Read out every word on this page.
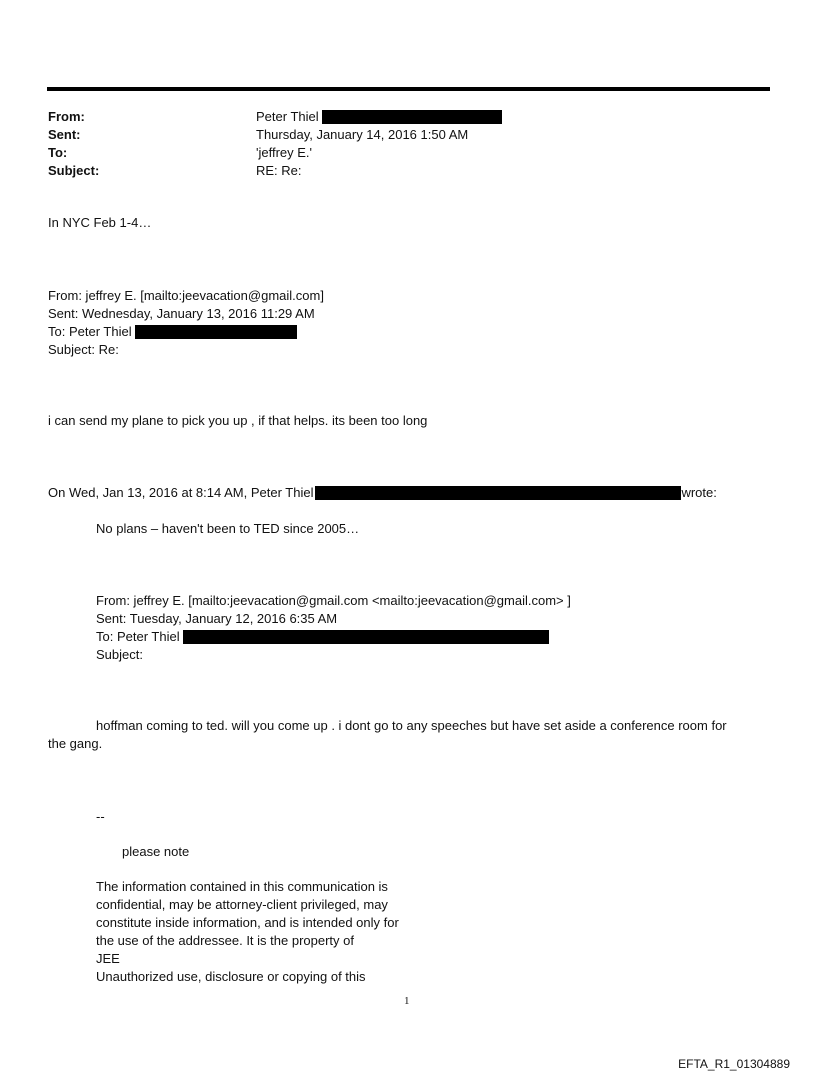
From:	Peter Thiel
Sent:	Thursday, January 14, 2016 1:50 AM
To:	'jeffrey E.'
Subject:	RE: Re:
In NYC Feb 1-4…
From: jeffrey E. [mailto:jeevacation@gmail.com]
Sent: Wednesday, January 13, 2016 11:29 AM
To: Peter Thiel
Subject: Re:
i can send my plane to pick you up , if that helps. its been too long
On Wed, Jan 13, 2016 at 8:14 AM, Peter Thiel	wrote:
No plans – haven't been to TED since 2005…
From: jeffrey E. [mailto:jeevacation@gmail.com <mailto:jeevacation@gmail.com> ]
Sent: Tuesday, January 12, 2016 6:35 AM
To: Peter Thiel
Subject:
hoffman coming to ted. will you come up . i dont go to any speeches but have set aside a conference room for
the gang.
--
please note
The information contained in this communication is
confidential, may be attorney-client privileged, may
constitute inside information, and is intended only for
the use of the addressee. It is the property of
JEE
Unauthorized use, disclosure or copying of this
1
EFTA_R1_01304889
